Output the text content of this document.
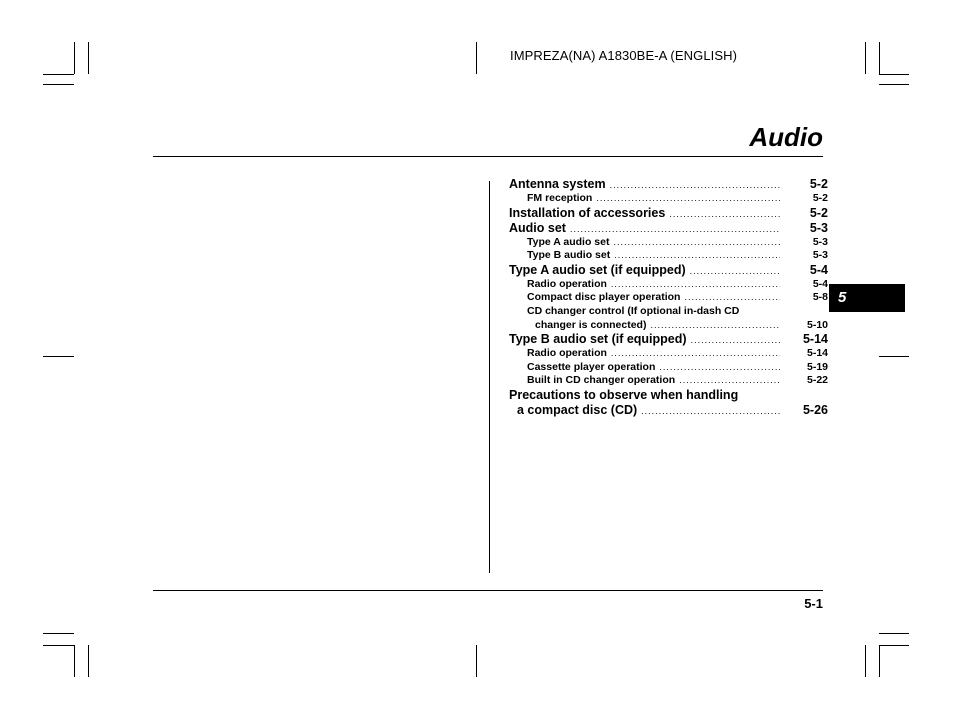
IMPREZA(NA) A1830BE-A (ENGLISH)
Audio
5
Antenna system .....	5-2
FM reception .....	5-2
Installation of accessories .....	5-2
Audio set .....	5-3
Type A audio set .....	5-3
Type B audio set .....	5-3
Type A audio set (if equipped) .....	5-4
Radio operation .....	5-4
Compact disc player operation .....	5-8
CD changer control (If optional in-dash CD
changer is connected) .....	5-10
Type B audio set (if equipped) .....	5-14
Radio operation .....	5-14
Cassette player operation .....	5-19
Built in CD changer operation .....	5-22
Precautions to observe when handling
a compact disc (CD) .....	5-26
5-1
